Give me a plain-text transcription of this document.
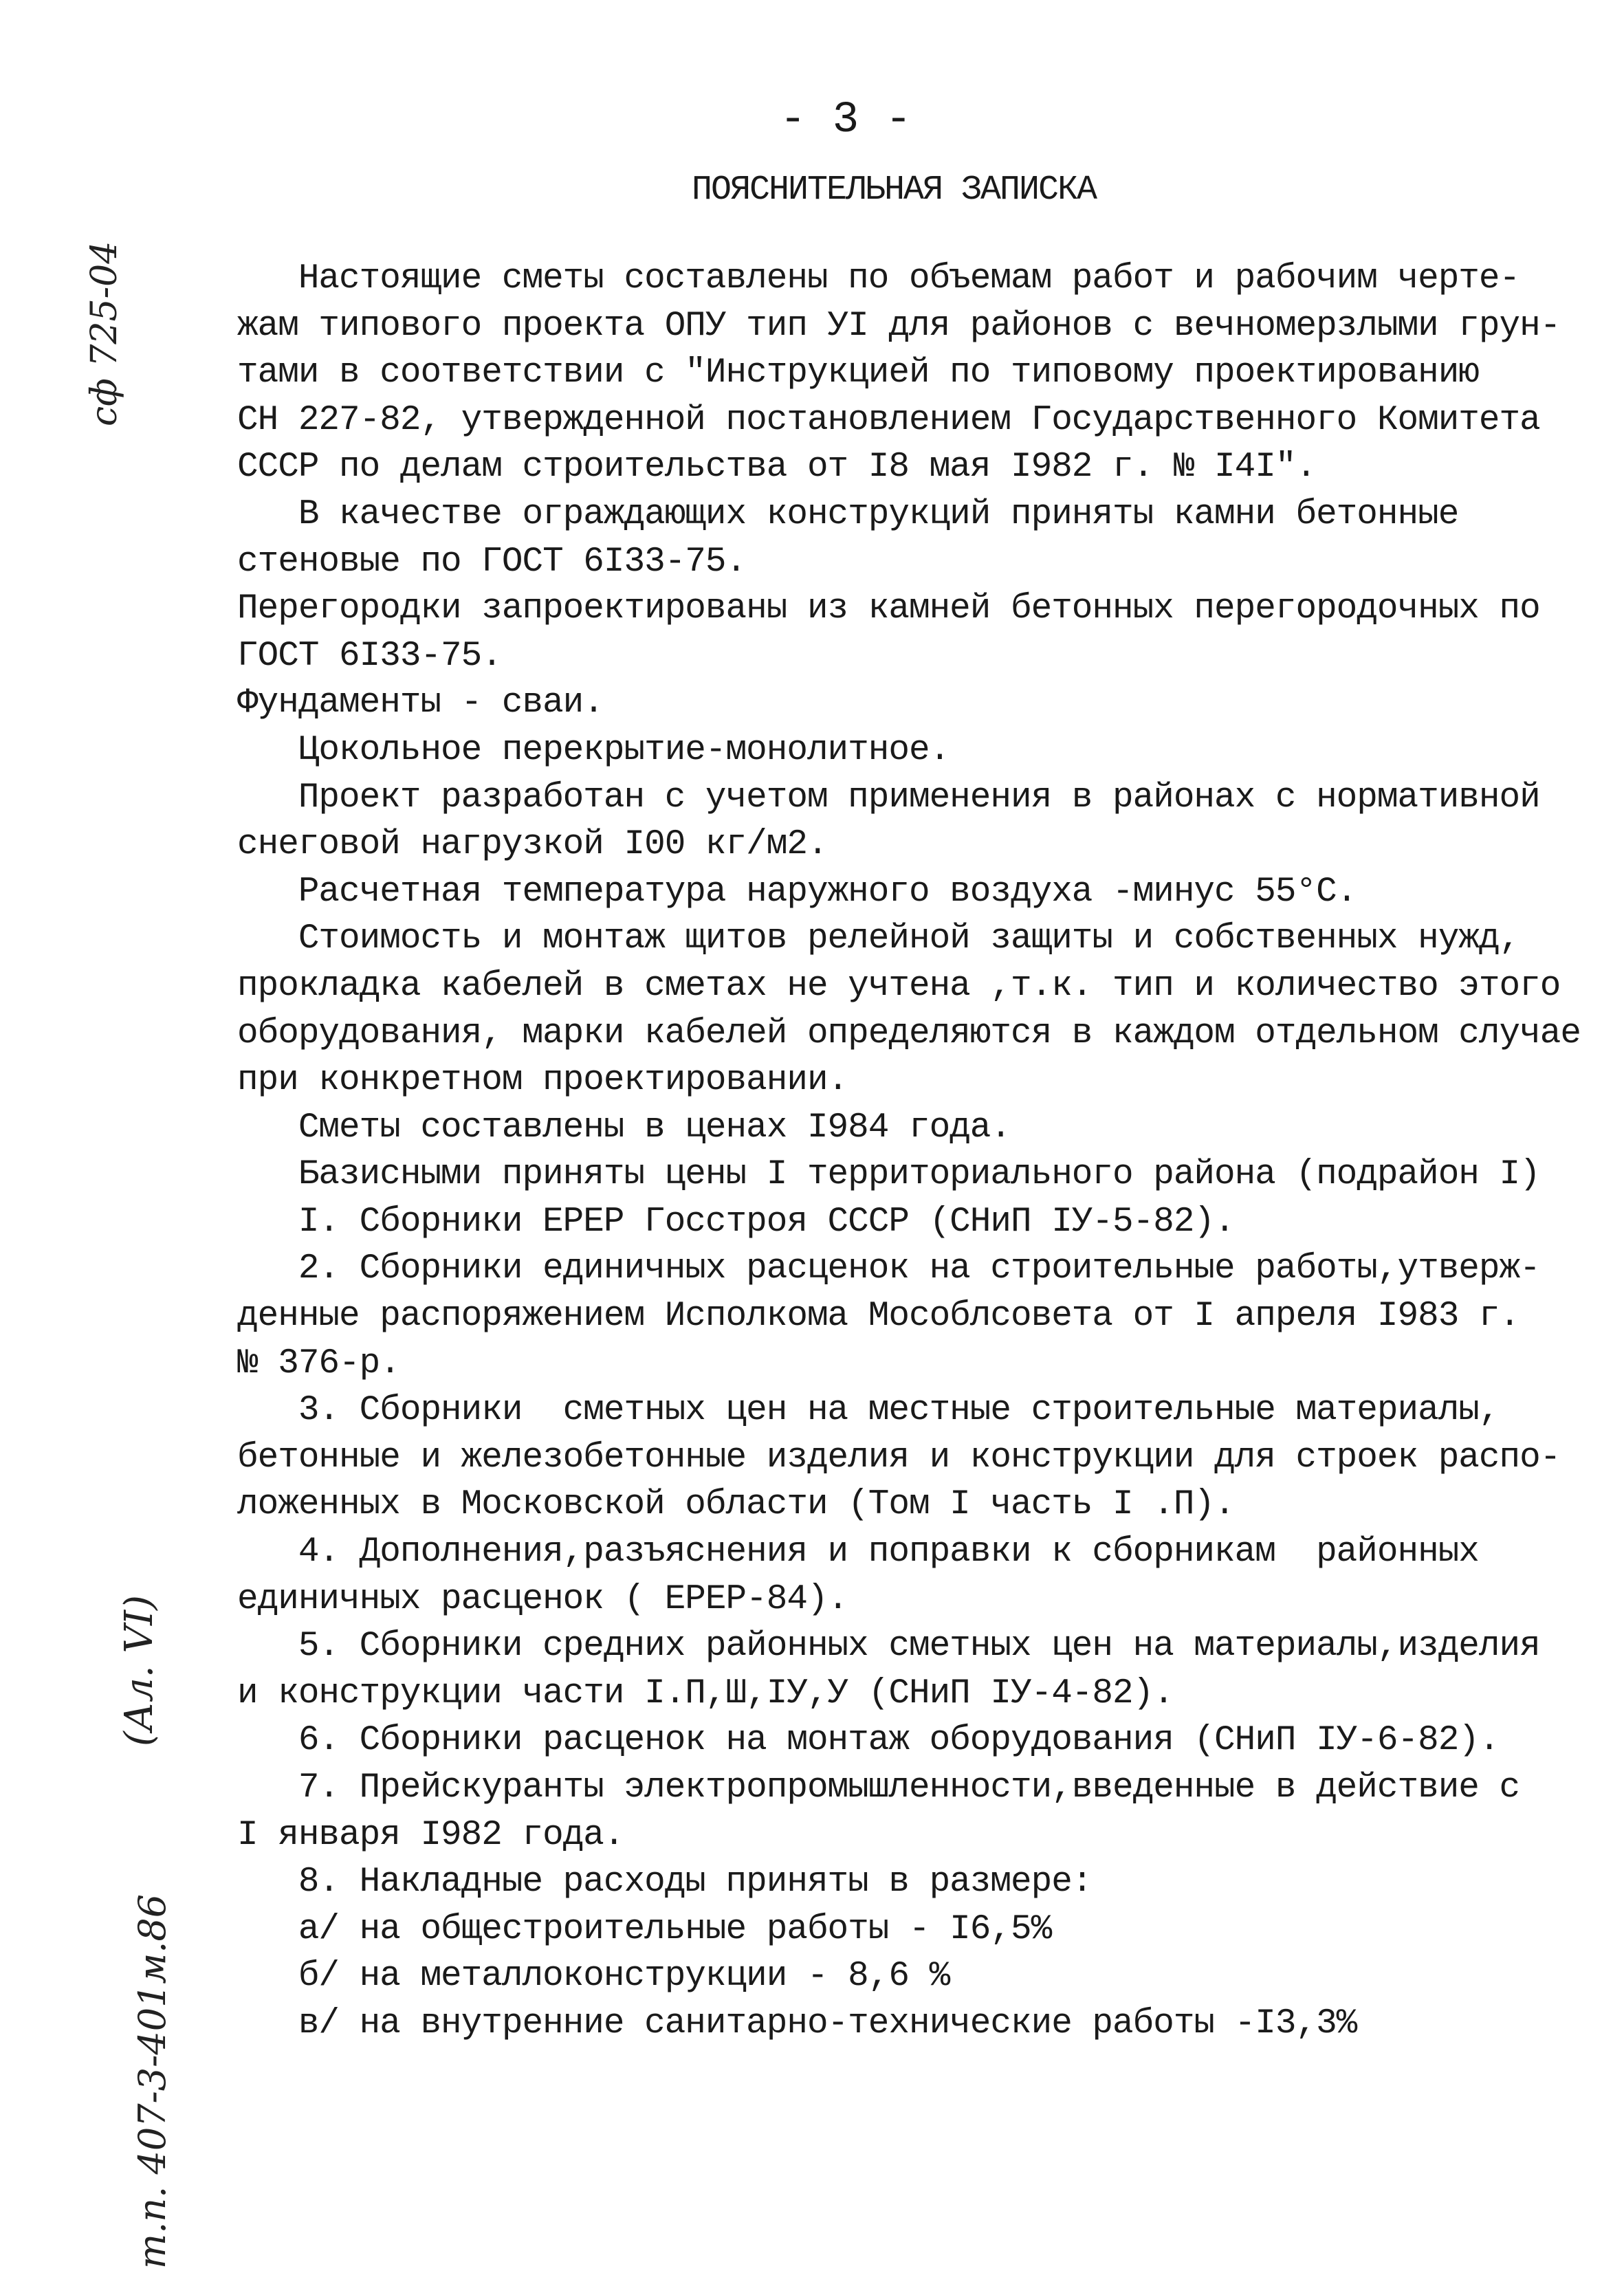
- 3 -
ПОЯСНИТЕЛЬНАЯ ЗАПИСКА
сф 725-04
(Ал. VI)
т.п. 407-3-401м.86
Настоящие сметы составлены по объемам работ и рабочим черте-
жам типового проекта ОПУ тип УI для районов с вечномерзлыми грун-
тами в соответствии с "Инструкцией по типовому проектированию
СН 227-82, утвержденной постановлением Государственного Комитета
СССР по делам строительства от I8 мая I982 г. № I4I".
В качестве ограждающих конструкций приняты камни бетонные
стеновые по ГОСТ 6I33-75.
Перегородки запроектированы из камней бетонных перегородочных по
ГОСТ 6I33-75.
Фундаменты - сваи.
Цокольное перекрытие-монолитное.
Проект разработан с учетом применения в районах с нормативной
снеговой нагрузкой I00 кг/м2.
Расчетная температура наружного воздуха -минус 55°С.
Стоимость и монтаж щитов релейной защиты и собственных нужд,
прокладка кабелей в сметах не учтена ,т.к. тип и количество этого
оборудования, марки кабелей определяются в каждом отдельном случае
при конкретном проектировании.
Сметы составлены в ценах I984 года.
Базисными приняты цены I территориального района (подрайон I)
I. Сборники ЕРЕР Госстроя СССР (СНиП IУ-5-82).
2. Сборники единичных расценок на строительные работы,утверж-
денные распоряжением Исполкома Мособлсовета от I апреля I983 г.
№ 376-р.
3. Сборники  сметных цен на местные строительные материалы,
бетонные и железобетонные изделия и конструкции для строек распо-
ложенных в Московской области (Том I часть I .П).
4. Дополнения,разъяснения и поправки к сборникам  районных
единичных расценок ( ЕРЕР-84).
5. Сборники средних районных сметных цен на материалы,изделия
и конструкции части I.П,Ш,IУ,У (СНиП IУ-4-82).
6. Сборники расценок на монтаж оборудования (СНиП IУ-6-82).
7. Прейскуранты электропромышленности,введенные в действие с
I января I982 года.
8. Накладные расходы приняты в размере:
а/ на общестроительные работы - I6,5%
б/ на металлоконструкции - 8,6 %
в/ на внутренние санитарно-технические работы -I3,3%
